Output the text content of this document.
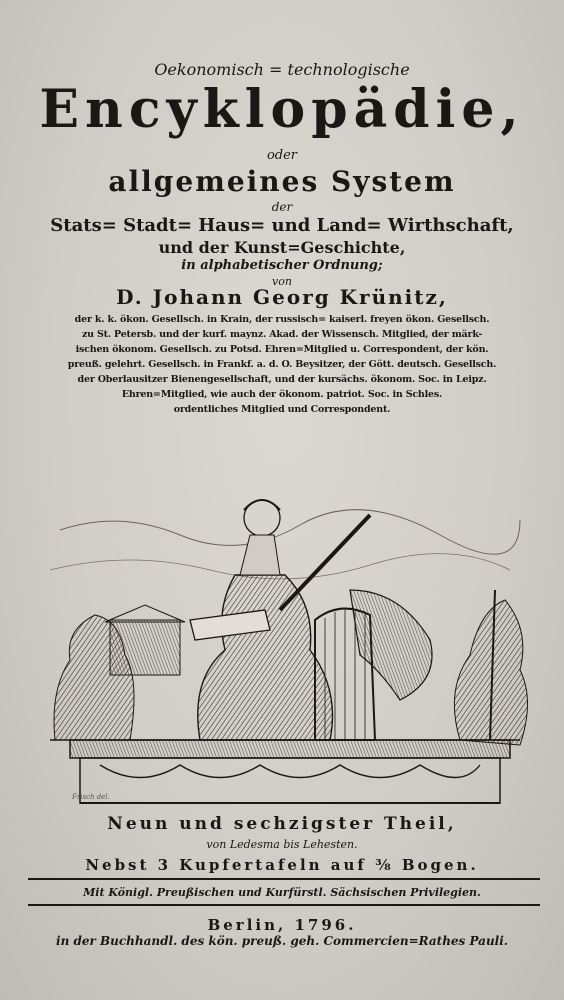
Oekonomisch = technologische
Encyklopädie,
oder
allgemeines System
der
Stats= Stadt= Haus= und Land= Wirthschaft,
und der Kunst=Geschichte,
in alphabetischer Ordnung;
von
D. Johann Georg Krünitz,
der k. k. ökon. Gesellsch. in Krain, der russisch= kaiserl. freyen ökon. Gesellsch.
zu St. Petersb. und der kurf. maynz. Akad. der Wissensch. Mitglied, der märk-
ischen ökonom. Gesellsch. zu Potsd. Ehren=Mitglied u. Correspondent, der kön.
preuß. gelehrt. Gesellsch. in Frankf. a. d. O. Beysitzer, der Gött. deutsch. Gesellsch.
der Oberlausitzer Bienengesellschaft, und der kursächs. ökonom. Soc. in Leipz.
Ehren=Mitglied, wie auch der ökonom. patriot. Soc. in Schles.
ordentliches Mitglied und Correspondent.
Frisch del.
Neun und sechzigster Theil,
von Ledesma bis Lehesten.
Nebst 3 Kupfertafeln auf ⅜ Bogen.
Mit Königl. Preußischen und Kurfürstl. Sächsischen Privilegien.
Berlin, 1796.
in der Buchhandl. des kön. preuß. geh. Commercien=Rathes Pauli.
